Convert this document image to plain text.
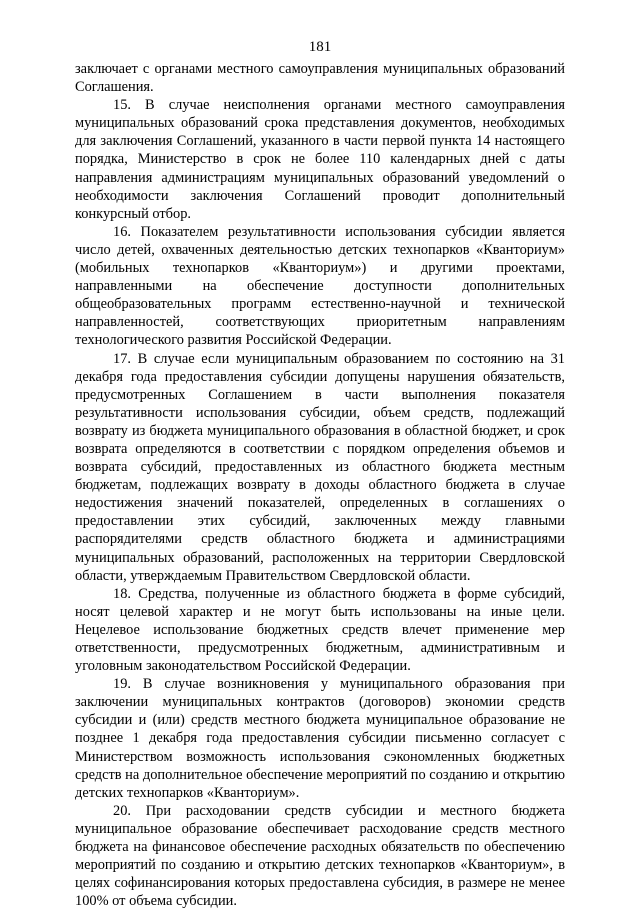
181

заключает с органами местного самоуправления муниципальных образований Соглашения.

15. В случае неисполнения органами местного самоуправления муниципальных образований срока представления документов, необходимых для заключения Соглашений, указанного в части первой пункта 14 настоящего порядка, Министерство в срок не более 110 календарных дней с даты направления администрациям муниципальных образований уведомлений о необходимости заключения Соглашений проводит дополнительный конкурсный отбор.

16. Показателем результативности использования субсидии является число детей, охваченных деятельностью детских технопарков «Кванториум» (мобильных технопарков «Кванториум») и другими проектами, направленными на обеспечение доступности дополнительных общеобразовательных программ естественно-научной и технической направленностей, соответствующих приоритетным направлениям технологического развития Российской Федерации.

17. В случае если муниципальным образованием по состоянию на 31 декабря года предоставления субсидии допущены нарушения обязательств, предусмотренных Соглашением в части выполнения показателя результативности использования субсидии, объем средств, подлежащий возврату из бюджета муниципального образования в областной бюджет, и срок возврата определяются в соответствии с порядком определения объемов и возврата субсидий, предоставленных из областного бюджета местным бюджетам, подлежащих возврату в доходы областного бюджета в случае недостижения значений показателей, определенных в соглашениях о предоставлении этих субсидий, заключенных между главными распорядителями средств областного бюджета и администрациями муниципальных образований, расположенных на территории Свердловской области, утверждаемым Правительством Свердловской области.

18. Средства, полученные из областного бюджета в форме субсидий, носят целевой характер и не могут быть использованы на иные цели. Нецелевое использование бюджетных средств влечет применение мер ответственности, предусмотренных бюджетным, административным и уголовным законодательством Российской Федерации.

19. В случае возникновения у муниципального образования при заключении муниципальных контрактов (договоров) экономии средств субсидии и (или) средств местного бюджета муниципальное образование не позднее 1 декабря года предоставления субсидии письменно согласует с Министерством возможность использования сэкономленных бюджетных средств на дополнительное обеспечение мероприятий по созданию и открытию детских технопарков «Кванториум».

20. При расходовании средств субсидии и местного бюджета муниципальное образование обеспечивает расходование средств местного бюджета на финансовое обеспечение расходных обязательств по обеспечению мероприятий по созданию и открытию детских технопарков «Кванториум», в целях софинансирования которых предоставлена субсидия, в размере не менее 100% от объема субсидии.
